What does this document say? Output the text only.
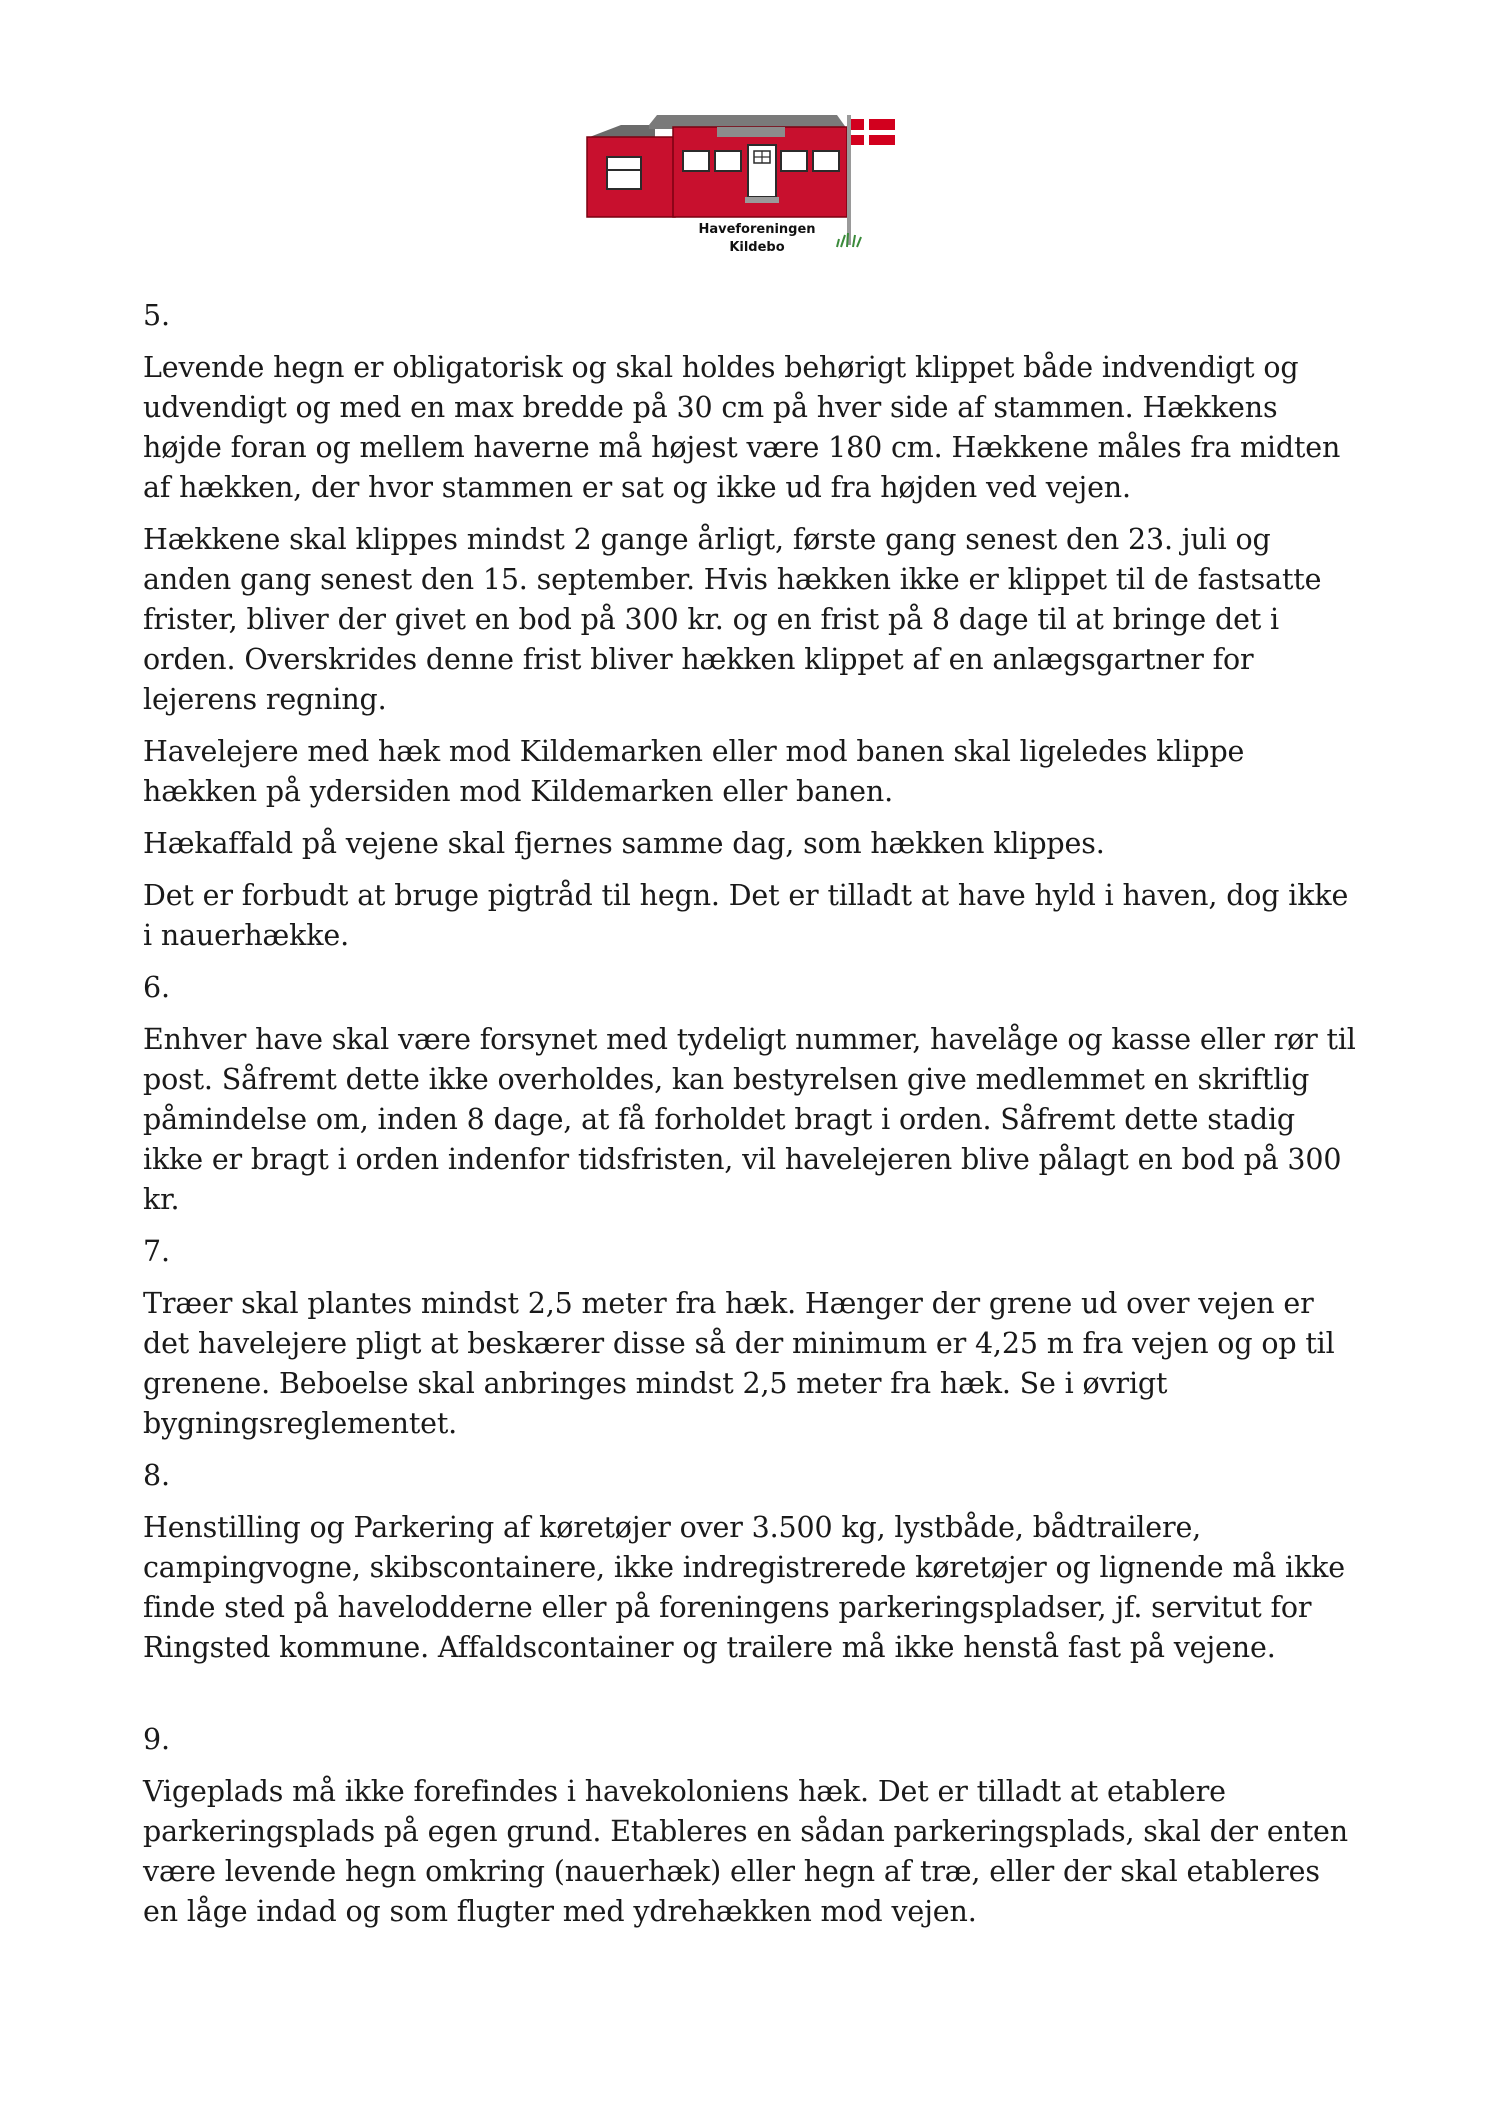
Haveforeningen
Kildebo

5.

Levende hegn er obligatorisk og skal holdes behørigt klippet både indvendigt og udvendigt og med en max bredde på 30 cm på hver side af stammen. Hækkens højde foran og mellem haverne må højest være 180 cm. Hækkene måles fra midten af hækken, der hvor stammen er sat og ikke ud fra højden ved vejen.

Hækkene skal klippes mindst 2 gange årligt, første gang senest den 23. juli og anden gang senest den 15. september. Hvis hækken ikke er klippet til de fastsatte frister, bliver der givet en bod på 300 kr. og en frist på 8 dage til at bringe det i orden. Overskrides denne frist bliver hækken klippet af en anlægsgartner for lejerens regning.

Havelejere med hæk mod Kildemarken eller mod banen skal ligeledes klippe hækken på ydersiden mod Kildemarken eller banen.

Hækaffald på vejene skal fjernes samme dag, som hækken klippes.

Det er forbudt at bruge pigtråd til hegn. Det er tilladt at have hyld i haven, dog ikke i nauerhække.

6.

Enhver have skal være forsynet med tydeligt nummer, havelåge og kasse eller rør til post. Såfremt dette ikke overholdes, kan bestyrelsen give medlemmet en skriftlig påmindelse om, inden 8 dage, at få forholdet bragt i orden. Såfremt dette stadig ikke er bragt i orden indenfor tidsfristen, vil havelejeren blive pålagt en bod på 300 kr.

7.

Træer skal plantes mindst 2,5 meter fra hæk. Hænger der grene ud over vejen er det havelejere pligt at beskærer disse så der minimum er 4,25 m fra vejen og op til grenene. Beboelse skal anbringes mindst 2,5 meter fra hæk. Se i øvrigt bygningsreglementet.

8.

Henstilling og Parkering af køretøjer over 3.500 kg, lystbåde, bådtrailere, campingvogne, skibscontainere, ikke indregistrerede køretøjer og lignende må ikke finde sted på havelodderne eller på foreningens parkeringspladser, jf. servitut for Ringsted kommune. Affaldscontainer og trailere må ikke henstå fast på vejene.

9.

Vigeplads må ikke forefindes i havekoloniens hæk. Det er tilladt at etablere parkeringsplads på egen grund. Etableres en sådan parkeringsplads, skal der enten være levende hegn omkring (nauerhæk) eller hegn af træ, eller der skal etableres en låge indad og som flugter med ydrehækken mod vejen.
